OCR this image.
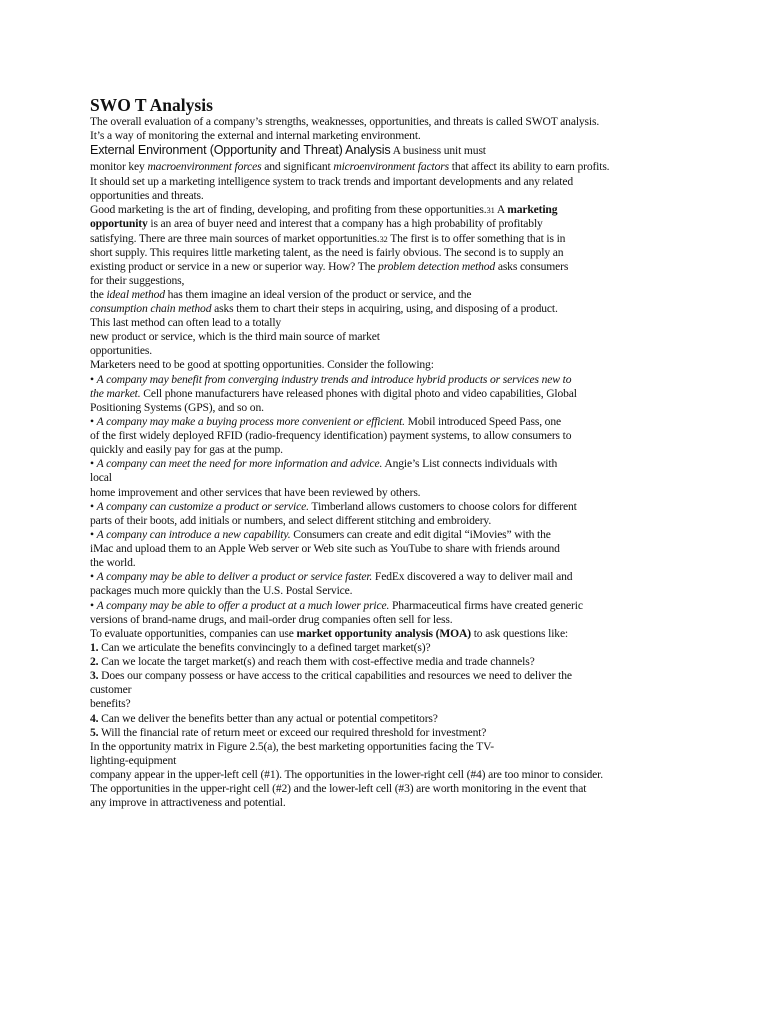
SWO T Analysis
The overall evaluation of a company’s strengths, weaknesses, opportunities, and threats is called SWOT analysis.
It’s a way of monitoring the external and internal marketing environment.
External Environment (Opportunity and Threat) Analysis A business unit must
monitor key macroenvironment forces and significant microenvironment factors that affect its ability to earn profits.
It should set up a marketing intelligence system to track trends and important developments and any related
opportunities and threats.
Good marketing is the art of finding, developing, and profiting from these opportunities.31 A marketing
opportunity is an area of buyer need and interest that a company has a high probability of profitably
satisfying. There are three main sources of market opportunities.32 The first is to offer something that is in
short supply. This requires little marketing talent, as the need is fairly obvious. The second is to supply an
existing product or service in a new or superior way. How? The problem detection method asks consumers
for their suggestions,
the ideal method has them imagine an ideal version of the product or service, and the
consumption chain method asks them to chart their steps in acquiring, using, and disposing of a product.
This last method can often lead to a totally
new product or service, which is the third main source of market
opportunities.
Marketers need to be good at spotting opportunities. Consider the following:
• A company may benefit from converging industry trends and introduce hybrid products or services new to
the market. Cell phone manufacturers have released phones with digital photo and video capabilities, Global
Positioning Systems (GPS), and so on.
• A company may make a buying process more convenient or efficient. Mobil introduced Speed Pass, one
of the first widely deployed RFID (radio-frequency identification) payment systems, to allow consumers to
quickly and easily pay for gas at the pump.
• A company can meet the need for more information and advice. Angie’s List connects individuals with
local
home improvement and other services that have been reviewed by others.
• A company can customize a product or service. Timberland allows customers to choose colors for different
parts of their boots, add initials or numbers, and select different stitching and embroidery.
• A company can introduce a new capability. Consumers can create and edit digital “iMovies” with the
iMac and upload them to an Apple Web server or Web site such as YouTube to share with friends around
the world.
• A company may be able to deliver a product or service faster. FedEx discovered a way to deliver mail and
packages much more quickly than the U.S. Postal Service.
• A company may be able to offer a product at a much lower price. Pharmaceutical firms have created generic
versions of brand-name drugs, and mail-order drug companies often sell for less.
To evaluate opportunities, companies can use market opportunity analysis (MOA) to ask questions like:
1. Can we articulate the benefits convincingly to a defined target market(s)?
2. Can we locate the target market(s) and reach them with cost-effective media and trade channels?
3. Does our company possess or have access to the critical capabilities and resources we need to deliver the
customer
benefits?
4. Can we deliver the benefits better than any actual or potential competitors?
5. Will the financial rate of return meet or exceed our required threshold for investment?
In the opportunity matrix in Figure 2.5(a), the best marketing opportunities facing the TV-
lighting-equipment
company appear in the upper-left cell (#1). The opportunities in the lower-right cell (#4) are too minor to consider.
The opportunities in the upper-right cell (#2) and the lower-left cell (#3) are worth monitoring in the event that
any improve in attractiveness and potential.
